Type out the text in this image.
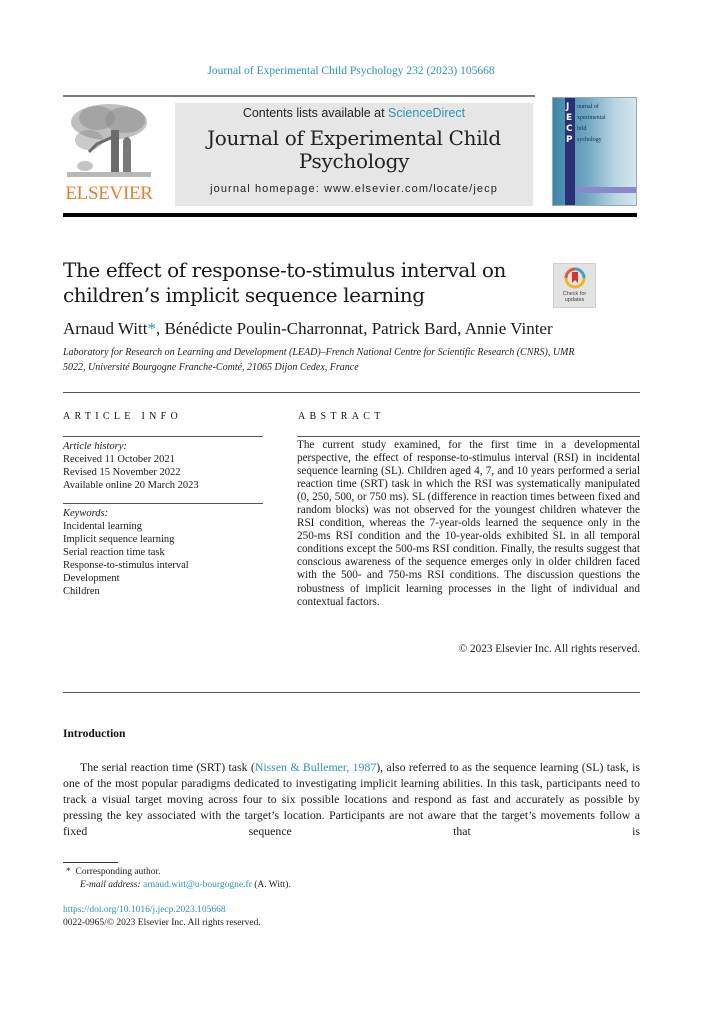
Journal of Experimental Child Psychology 232 (2023) 105668
ELSEVIER
Contents lists available at ScienceDirect
Journal of Experimental Child
Psychology
journal homepage: www.elsevier.com/locate/jecp
J
E
C
P
ournal of
xperimental
hild
sychology
The effect of response-to-stimulus interval on
children’s implicit sequence learning	Check for
updates
Arnaud Witt*, Bénédicte Poulin-Charronnat, Patrick Bard, Annie Vinter
Laboratory for Research on Learning and Development (LEAD)–French National Centre for Scientific Research (CNRS), UMR
5022, Université Bourgogne Franche-Comté, 21065 Dijon Cedex, France
ARTICLE INFO	ABSTRACT
Article history:
Received 11 October 2021
Revised 15 November 2022
Available online 20 March 2023
Keywords:
Incidental learning
Implicit sequence learning
Serial reaction time task
Response-to-stimulus interval
Development
Children

The current study examined, for the first time in a developmental perspective, the effect of response-to-stimulus interval (RSI) in incidental sequence learning (SL). Children aged 4, 7, and 10 years performed a serial reaction time (SRT) task in which the RSI was systematically manipulated (0, 250, 500, or 750 ms). SL (difference in reaction times between fixed and random blocks) was not observed for the youngest children whatever the RSI condition, whereas the 7-year-olds learned the sequence only in the 250-ms RSI condition and the 10-year-olds exhibited SL in all temporal conditions except the 500-ms RSI condition. Finally, the results suggest that conscious awareness of the sequence emerges only in older children faced with the 500- and 750-ms RSI conditions. The discussion questions the robustness of implicit learning processes in the light of individual and contextual factors.

© 2023 Elsevier Inc. All rights reserved.
Introduction

The serial reaction time (SRT) task (Nissen & Bullemer, 1987), also referred to as the sequence learning (SL) task, is one of the most popular paradigms dedicated to investigating implicit learning abilities. In this task, participants need to track a visual target moving across four to six possible locations and respond as fast and accurately as possible by pressing the key associated with the target’s location. Participants are not aware that the target’s movements follow a fixed sequence that is

* Corresponding author.
E-mail address: arnaud.witt@u-bourgogne.fr (A. Witt).
https://doi.org/10.1016/j.jecp.2023.105668
0022-0965/© 2023 Elsevier Inc. All rights reserved.
